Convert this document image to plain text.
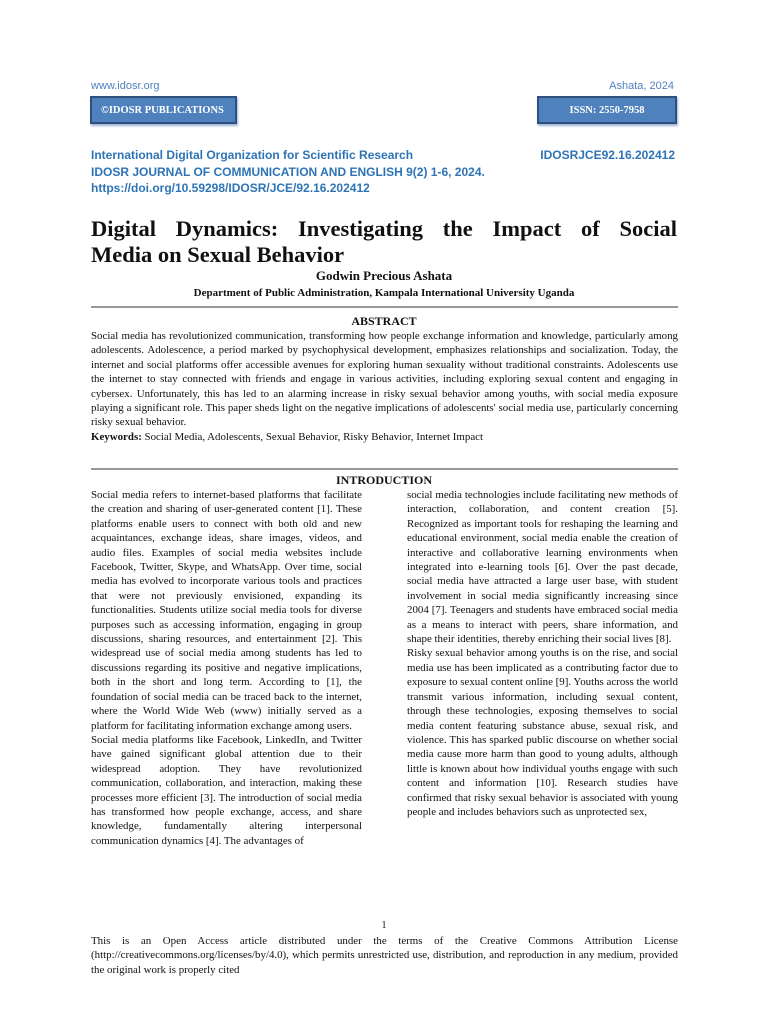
www.idosr.org	Ashata, 2024
©IDOSR PUBLICATIONS	ISSN: 2550-7958
International Digital Organization for Scientific Research	IDOSRJCE92.16.202412
IDOSR JOURNAL OF COMMUNICATION AND ENGLISH 9(2) 1-6, 2024.
https://doi.org/10.59298/IDOSR/JCE/92.16.202412
Digital Dynamics: Investigating the Impact of Social
Media on Sexual Behavior
Godwin Precious Ashata
Department of Public Administration, Kampala International University Uganda
ABSTRACT
Social media has revolutionized communication, transforming how people exchange information and knowledge, particularly among adolescents. Adolescence, a period marked by psychophysical development, emphasizes relationships and socialization. Today, the internet and social platforms offer accessible avenues for exploring human sexuality without traditional constraints. Adolescents use the internet to stay connected with friends and engage in various activities, including exploring sexual content and engaging in cybersex. Unfortunately, this has led to an alarming increase in risky sexual behavior among youths, with social media exposure playing a significant role. This paper sheds light on the negative implications of adolescents' social media use, particularly concerning risky sexual behavior.
Keywords: Social Media, Adolescents, Sexual Behavior, Risky Behavior, Internet Impact
INTRODUCTION

Social media refers to internet-based platforms that facilitate the creation and sharing of user-generated content [1]. These platforms enable users to connect with both old and new acquaintances, exchange ideas, share images, videos, and audio files. Examples of social media websites include Facebook, Twitter, Skype, and WhatsApp. Over time, social media has evolved to incorporate various tools and practices that were not previously envisioned, expanding its functionalities. Students utilize social media tools for diverse purposes such as accessing information, engaging in group discussions, sharing resources, and entertainment [2]. This widespread use of social media among students has led to discussions regarding its positive and negative implications, both in the short and long term. According to [1], the foundation of social media can be traced back to the internet, where the World Wide Web (www) initially served as a platform for facilitating information exchange among users.

Social media platforms like Facebook, LinkedIn, and Twitter have gained significant global attention due to their widespread adoption. They have revolutionized communication, collaboration, and interaction, making these processes more efficient [3]. The introduction of social media has transformed how people exchange, access, and share knowledge, fundamentally altering interpersonal communication dynamics [4]. The advantages of

social media technologies include facilitating new methods of interaction, collaboration, and content creation [5]. Recognized as important tools for reshaping the learning and educational environment, social media enable the creation of interactive and collaborative learning environments when integrated into e-learning tools [6]. Over the past decade, social media have attracted a large user base, with student involvement in social media significantly increasing since 2004 [7]. Teenagers and students have embraced social media as a means to interact with peers, share information, and shape their identities, thereby enriching their social lives [8].

Risky sexual behavior among youths is on the rise, and social media use has been implicated as a contributing factor due to exposure to sexual content online [9]. Youths across the world transmit various information, including sexual content, through these technologies, exposing themselves to social media content featuring substance abuse, sexual risk, and violence. This has sparked public discourse on whether social media cause more harm than good to young adults, although little is known about how individual youths engage with such content and information [10]. Research studies have confirmed that risky sexual behavior is associated with young people and includes behaviors such as unprotected sex,

1
This is an Open Access article distributed under the terms of the Creative Commons Attribution License (http://creativecommons.org/licenses/by/4.0), which permits unrestricted use, distribution, and reproduction in any medium, provided the original work is properly cited
